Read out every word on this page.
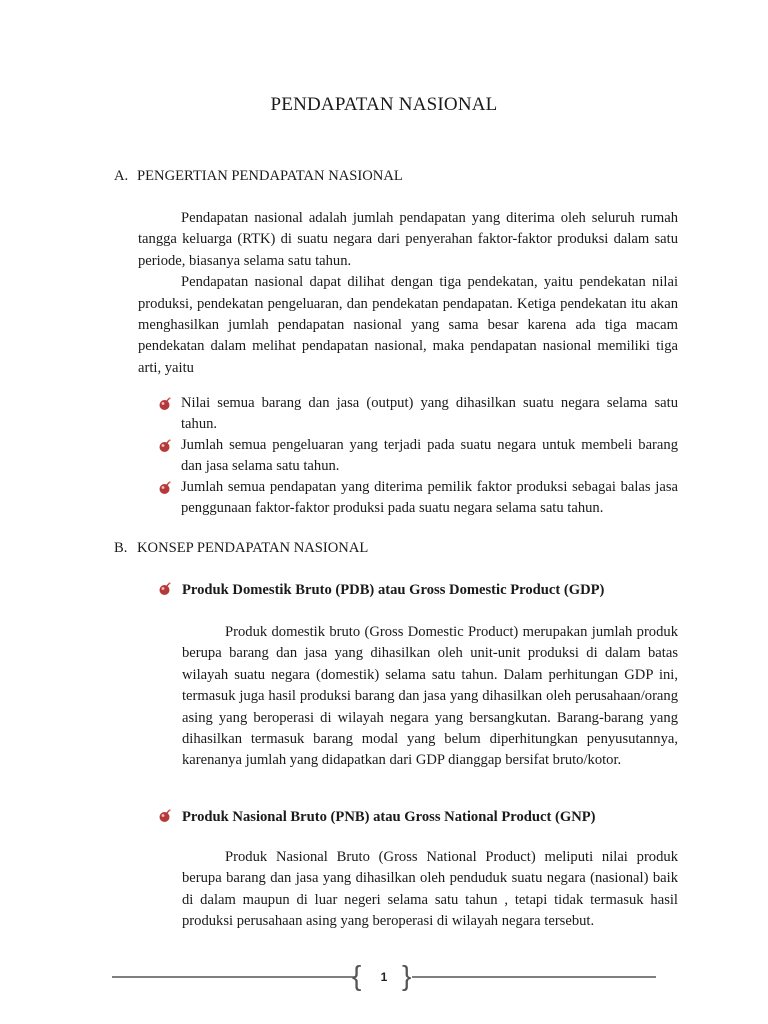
PENDAPATAN NASIONAL
A. PENGERTIAN PENDAPATAN NASIONAL

Pendapatan nasional adalah jumlah pendapatan yang diterima oleh seluruh rumah tangga keluarga (RTK) di suatu negara dari penyerahan faktor-faktor produksi dalam satu periode, biasanya selama satu tahun.

Pendapatan nasional dapat dilihat dengan tiga pendekatan, yaitu pendekatan nilai produksi, pendekatan pengeluaran, dan pendekatan pendapatan. Ketiga pendekatan itu akan menghasilkan jumlah pendapatan nasional yang sama besar karena ada tiga macam pendekatan dalam melihat pendapatan nasional, maka pendapatan nasional memiliki tiga arti, yaitu

Nilai semua barang dan jasa (output) yang dihasilkan suatu negara selama satu tahun.
Jumlah semua pengeluaran yang terjadi pada suatu negara untuk membeli barang dan jasa selama satu tahun.
Jumlah semua pendapatan yang diterima pemilik faktor produksi sebagai balas jasa penggunaan faktor-faktor produksi pada suatu negara selama satu tahun.
B. KONSEP PENDAPATAN NASIONAL
Produk Domestik Bruto (PDB) atau Gross Domestic Product (GDP)

Produk domestik bruto (Gross Domestic Product) merupakan jumlah produk berupa barang dan jasa yang dihasilkan oleh unit-unit produksi di dalam batas wilayah suatu negara (domestik) selama satu tahun. Dalam perhitungan GDP ini, termasuk juga hasil produksi barang dan jasa yang dihasilkan oleh perusahaan/orang asing yang beroperasi di wilayah negara yang bersangkutan. Barang-barang yang dihasilkan termasuk barang modal yang belum diperhitungkan penyusutannya, karenanya jumlah yang didapatkan dari GDP dianggap bersifat bruto/kotor.

Produk Nasional Bruto (PNB) atau Gross National Product (GNP)

Produk Nasional Bruto (Gross National Product) meliputi nilai produk berupa barang dan jasa yang dihasilkan oleh penduduk suatu negara (nasional) baik di dalam maupun di luar negeri selama satu tahun , tetapi tidak termasuk hasil produksi perusahaan asing yang beroperasi di wilayah negara tersebut.

{ }
1
